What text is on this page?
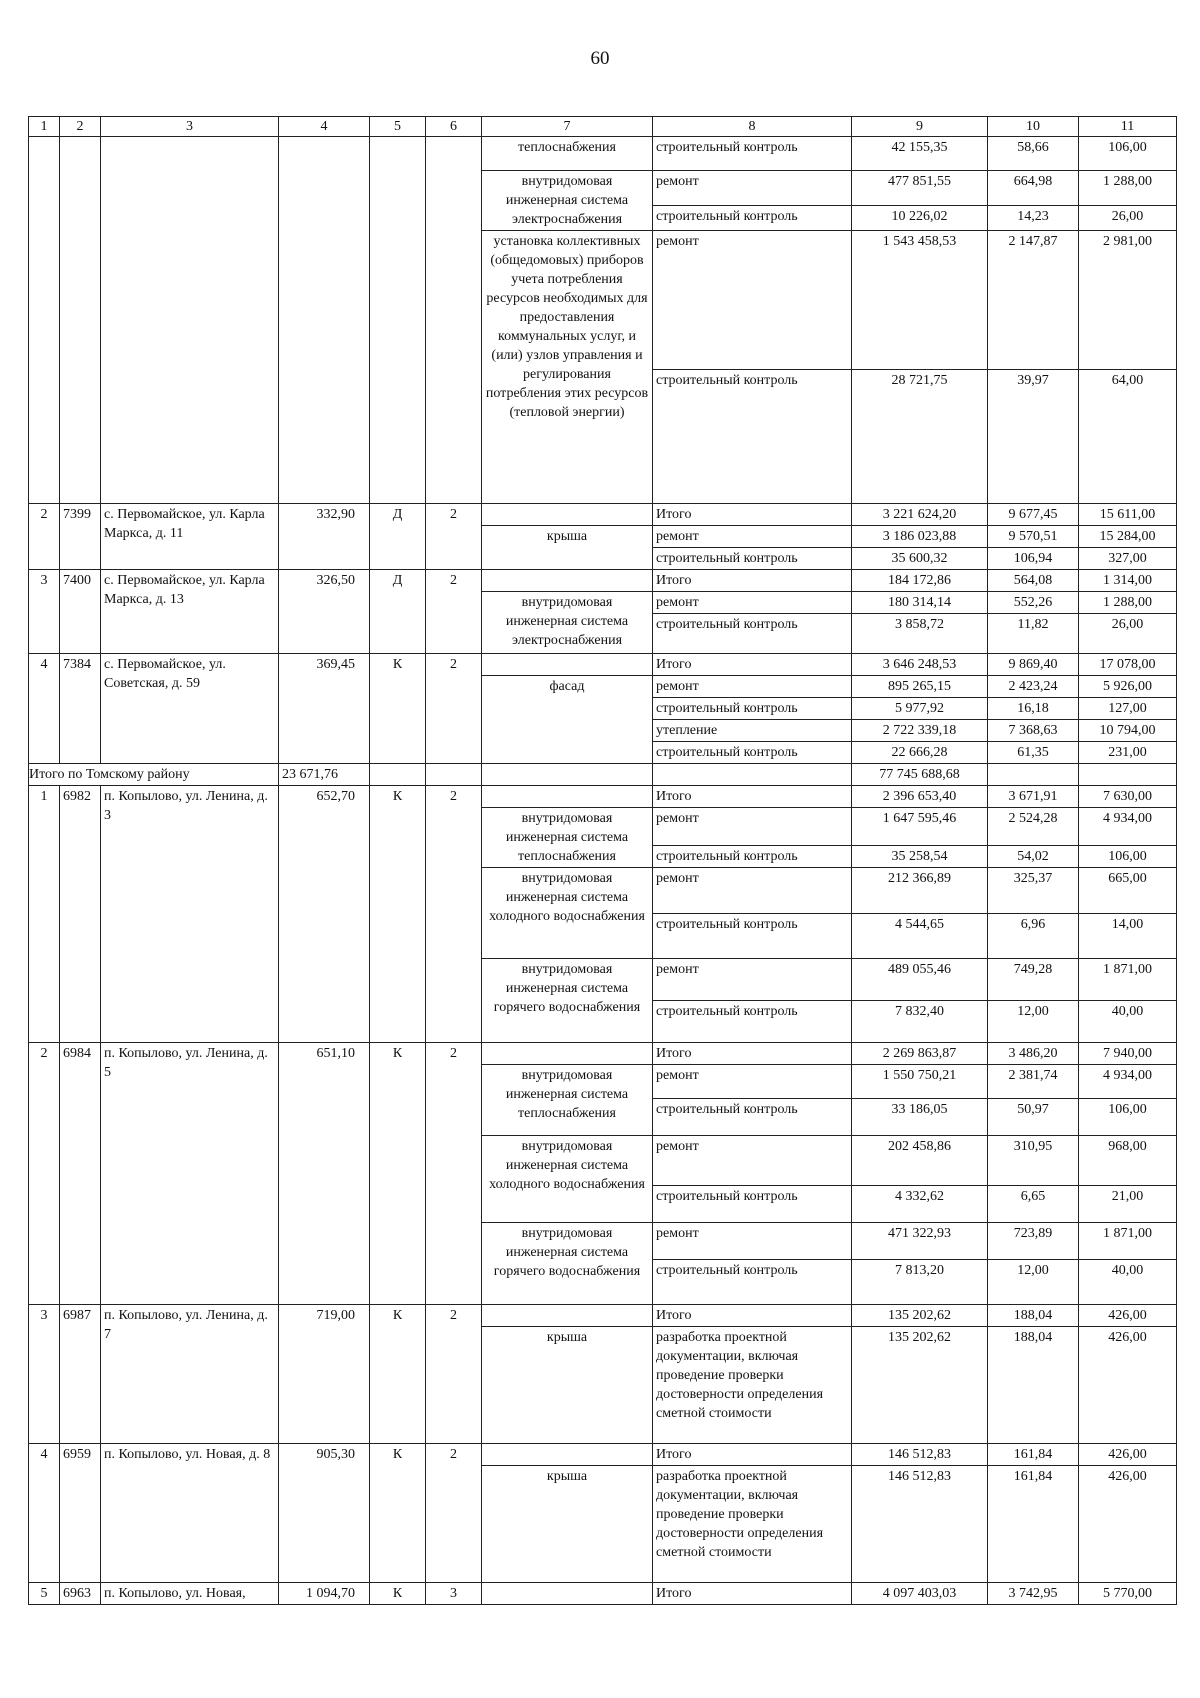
60
1	2	3	4	5	6	7	8	9	10	11
						теплоснабжения	строительный контроль	42 155,35	58,66	106,00
						внутридомовая инженерная система электроснабжения	ремонт	477 851,55	664,98	1 288,00
							строительный контроль	10 226,02	14,23	26,00
						установка коллективных (общедомовых) приборов учета потребления ресурсов необходимых для предоставления коммунальных услуг, и (или) узлов управления и регулирования потребления этих ресурсов (тепловой энергии)	ремонт	1 543 458,53	2 147,87	2 981,00
							строительный контроль	28 721,75	39,97	64,00
2	7399	с. Первомайское, ул. Карла Маркса, д. 11	332,90	Д	2		Итого	3 221 624,20	9 677,45	15 611,00
						крыша	ремонт	3 186 023,88	9 570,51	15 284,00
							строительный контроль	35 600,32	106,94	327,00
3	7400	с. Первомайское, ул. Карла Маркса, д. 13	326,50	Д	2		Итого	184 172,86	564,08	1 314,00
						внутридомовая инженерная система электроснабжения	ремонт	180 314,14	552,26	1 288,00
							строительный контроль	3 858,72	11,82	26,00
4	7384	с. Первомайское, ул. Советская, д. 59	369,45	К	2		Итого	3 646 248,53	9 869,40	17 078,00
						фасад	ремонт	895 265,15	2 423,24	5 926,00
							строительный контроль	5 977,92	16,18	127,00
							утепление	2 722 339,18	7 368,63	10 794,00
							строительный контроль	22 666,28	61,35	231,00
Итого по Томскому району			23 671,76					77 745 688,68		
1	6982	п. Копылово, ул. Ленина, д. 3	652,70	К	2		Итого	2 396 653,40	3 671,91	7 630,00
						внутридомовая инженерная система теплоснабжения	ремонт	1 647 595,46	2 524,28	4 934,00
							строительный контроль	35 258,54	54,02	106,00
						внутридомовая инженерная система холодного водоснабжения	ремонт	212 366,89	325,37	665,00
							строительный контроль	4 544,65	6,96	14,00
						внутридомовая инженерная система горячего водоснабжения	ремонт	489 055,46	749,28	1 871,00
							строительный контроль	7 832,40	12,00	40,00
2	6984	п. Копылово, ул. Ленина, д. 5	651,10	К	2		Итого	2 269 863,87	3 486,20	7 940,00
						внутридомовая инженерная система теплоснабжения	ремонт	1 550 750,21	2 381,74	4 934,00
							строительный контроль	33 186,05	50,97	106,00
						внутридомовая инженерная система холодного водоснабжения	ремонт	202 458,86	310,95	968,00
							строительный контроль	4 332,62	6,65	21,00
						внутридомовая инженерная система горячего водоснабжения	ремонт	471 322,93	723,89	1 871,00
							строительный контроль	7 813,20	12,00	40,00
3	6987	п. Копылово, ул. Ленина, д. 7	719,00	К	2		Итого	135 202,62	188,04	426,00
						крыша	разработка проектной документации, включая проведение проверки достоверности определения сметной стоимости	135 202,62	188,04	426,00
4	6959	п. Копылово, ул. Новая, д. 8	905,30	К	2		Итого	146 512,83	161,84	426,00
						крыша	разработка проектной документации, включая проведение проверки достоверности определения сметной стоимости	146 512,83	161,84	426,00
5	6963	п. Копылово, ул. Новая,	1 094,70	К	3		Итого	4 097 403,03	3 742,95	5 770,00
